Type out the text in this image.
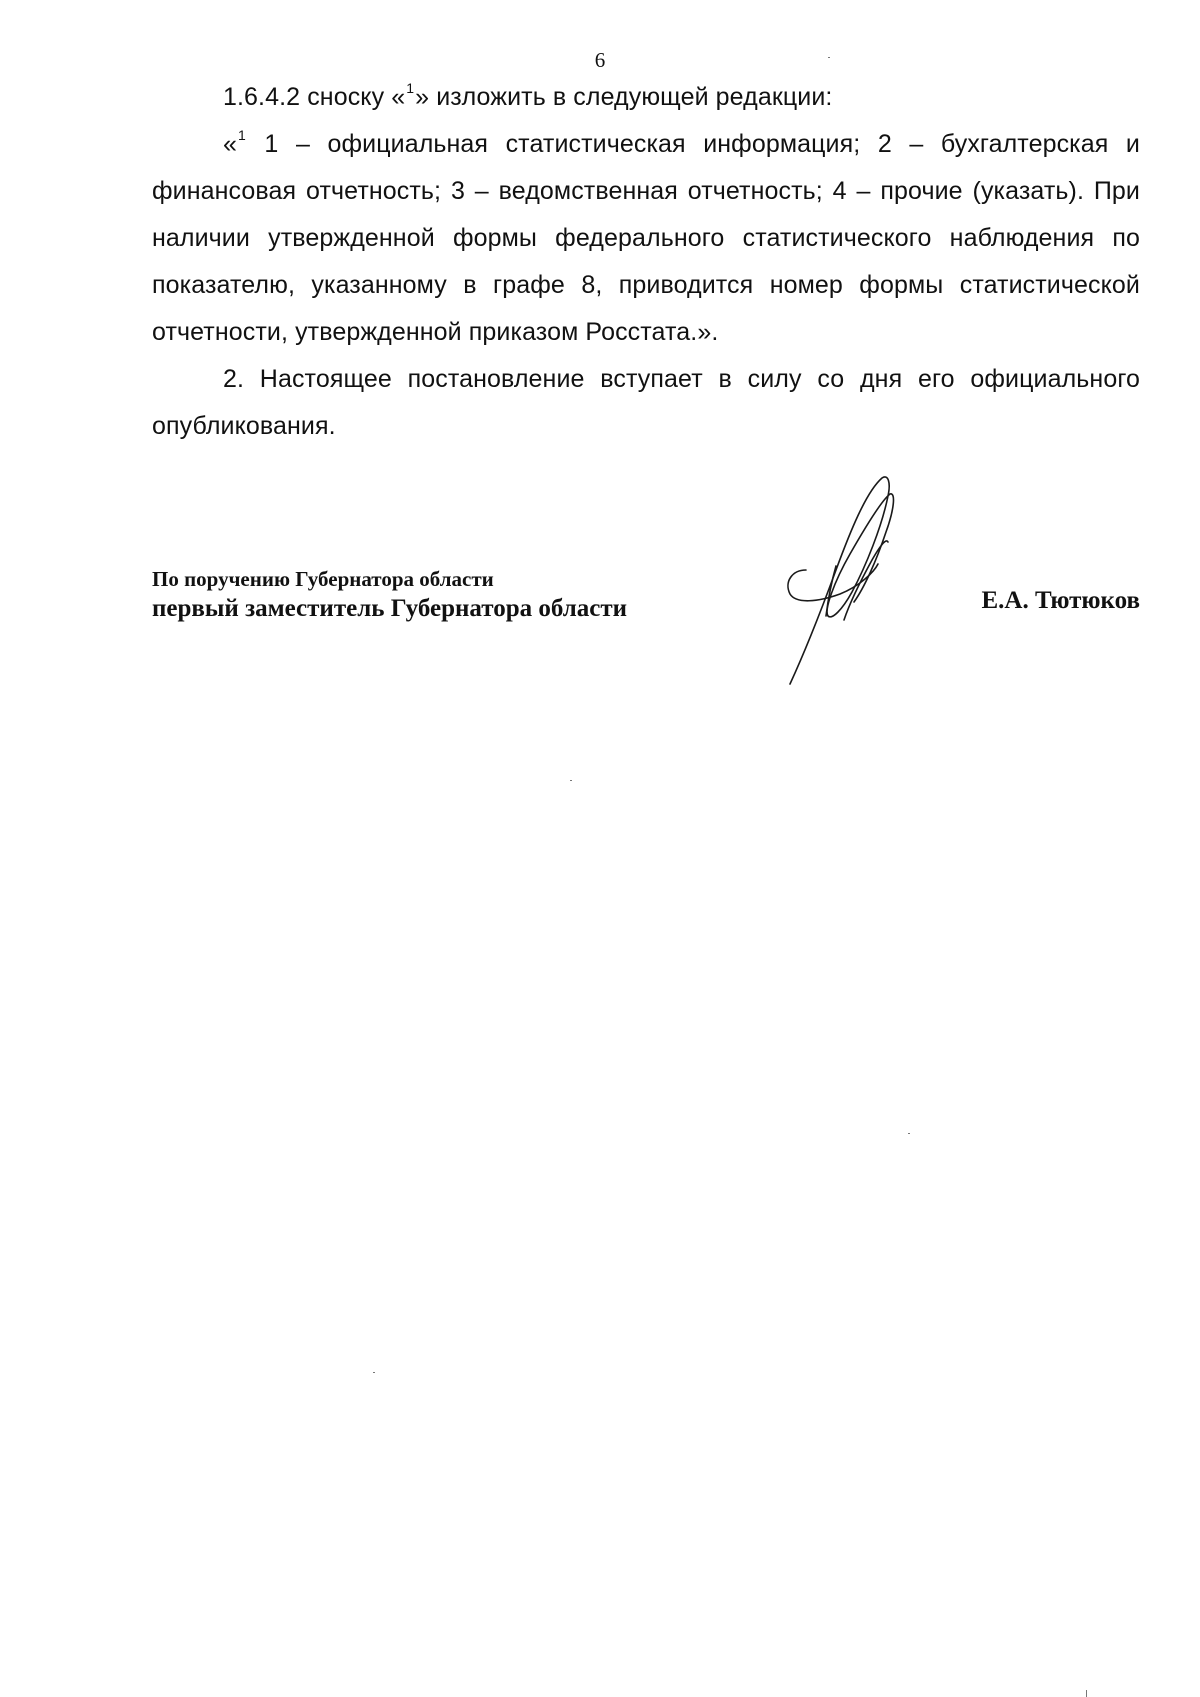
6

1.6.4.2 сноску «$^1$» изложить в следующей редакции:

«$^1$ 1 – официальная статистическая информация; 2 – бухгалтерская и финансовая отчетность; 3 – ведомственная отчетность; 4 – прочие (указать). При наличии утвержденной формы федерального статистического наблюдения по показателю, указанному в графе 8, приводится номер формы статистической отчетности, утвержденной приказом Росстата.».

2. Настоящее постановление вступает в силу со дня его официального опубликования.

По поручению Губернатора области
первый заместитель Губернатора области	Е.А. Тютюков
